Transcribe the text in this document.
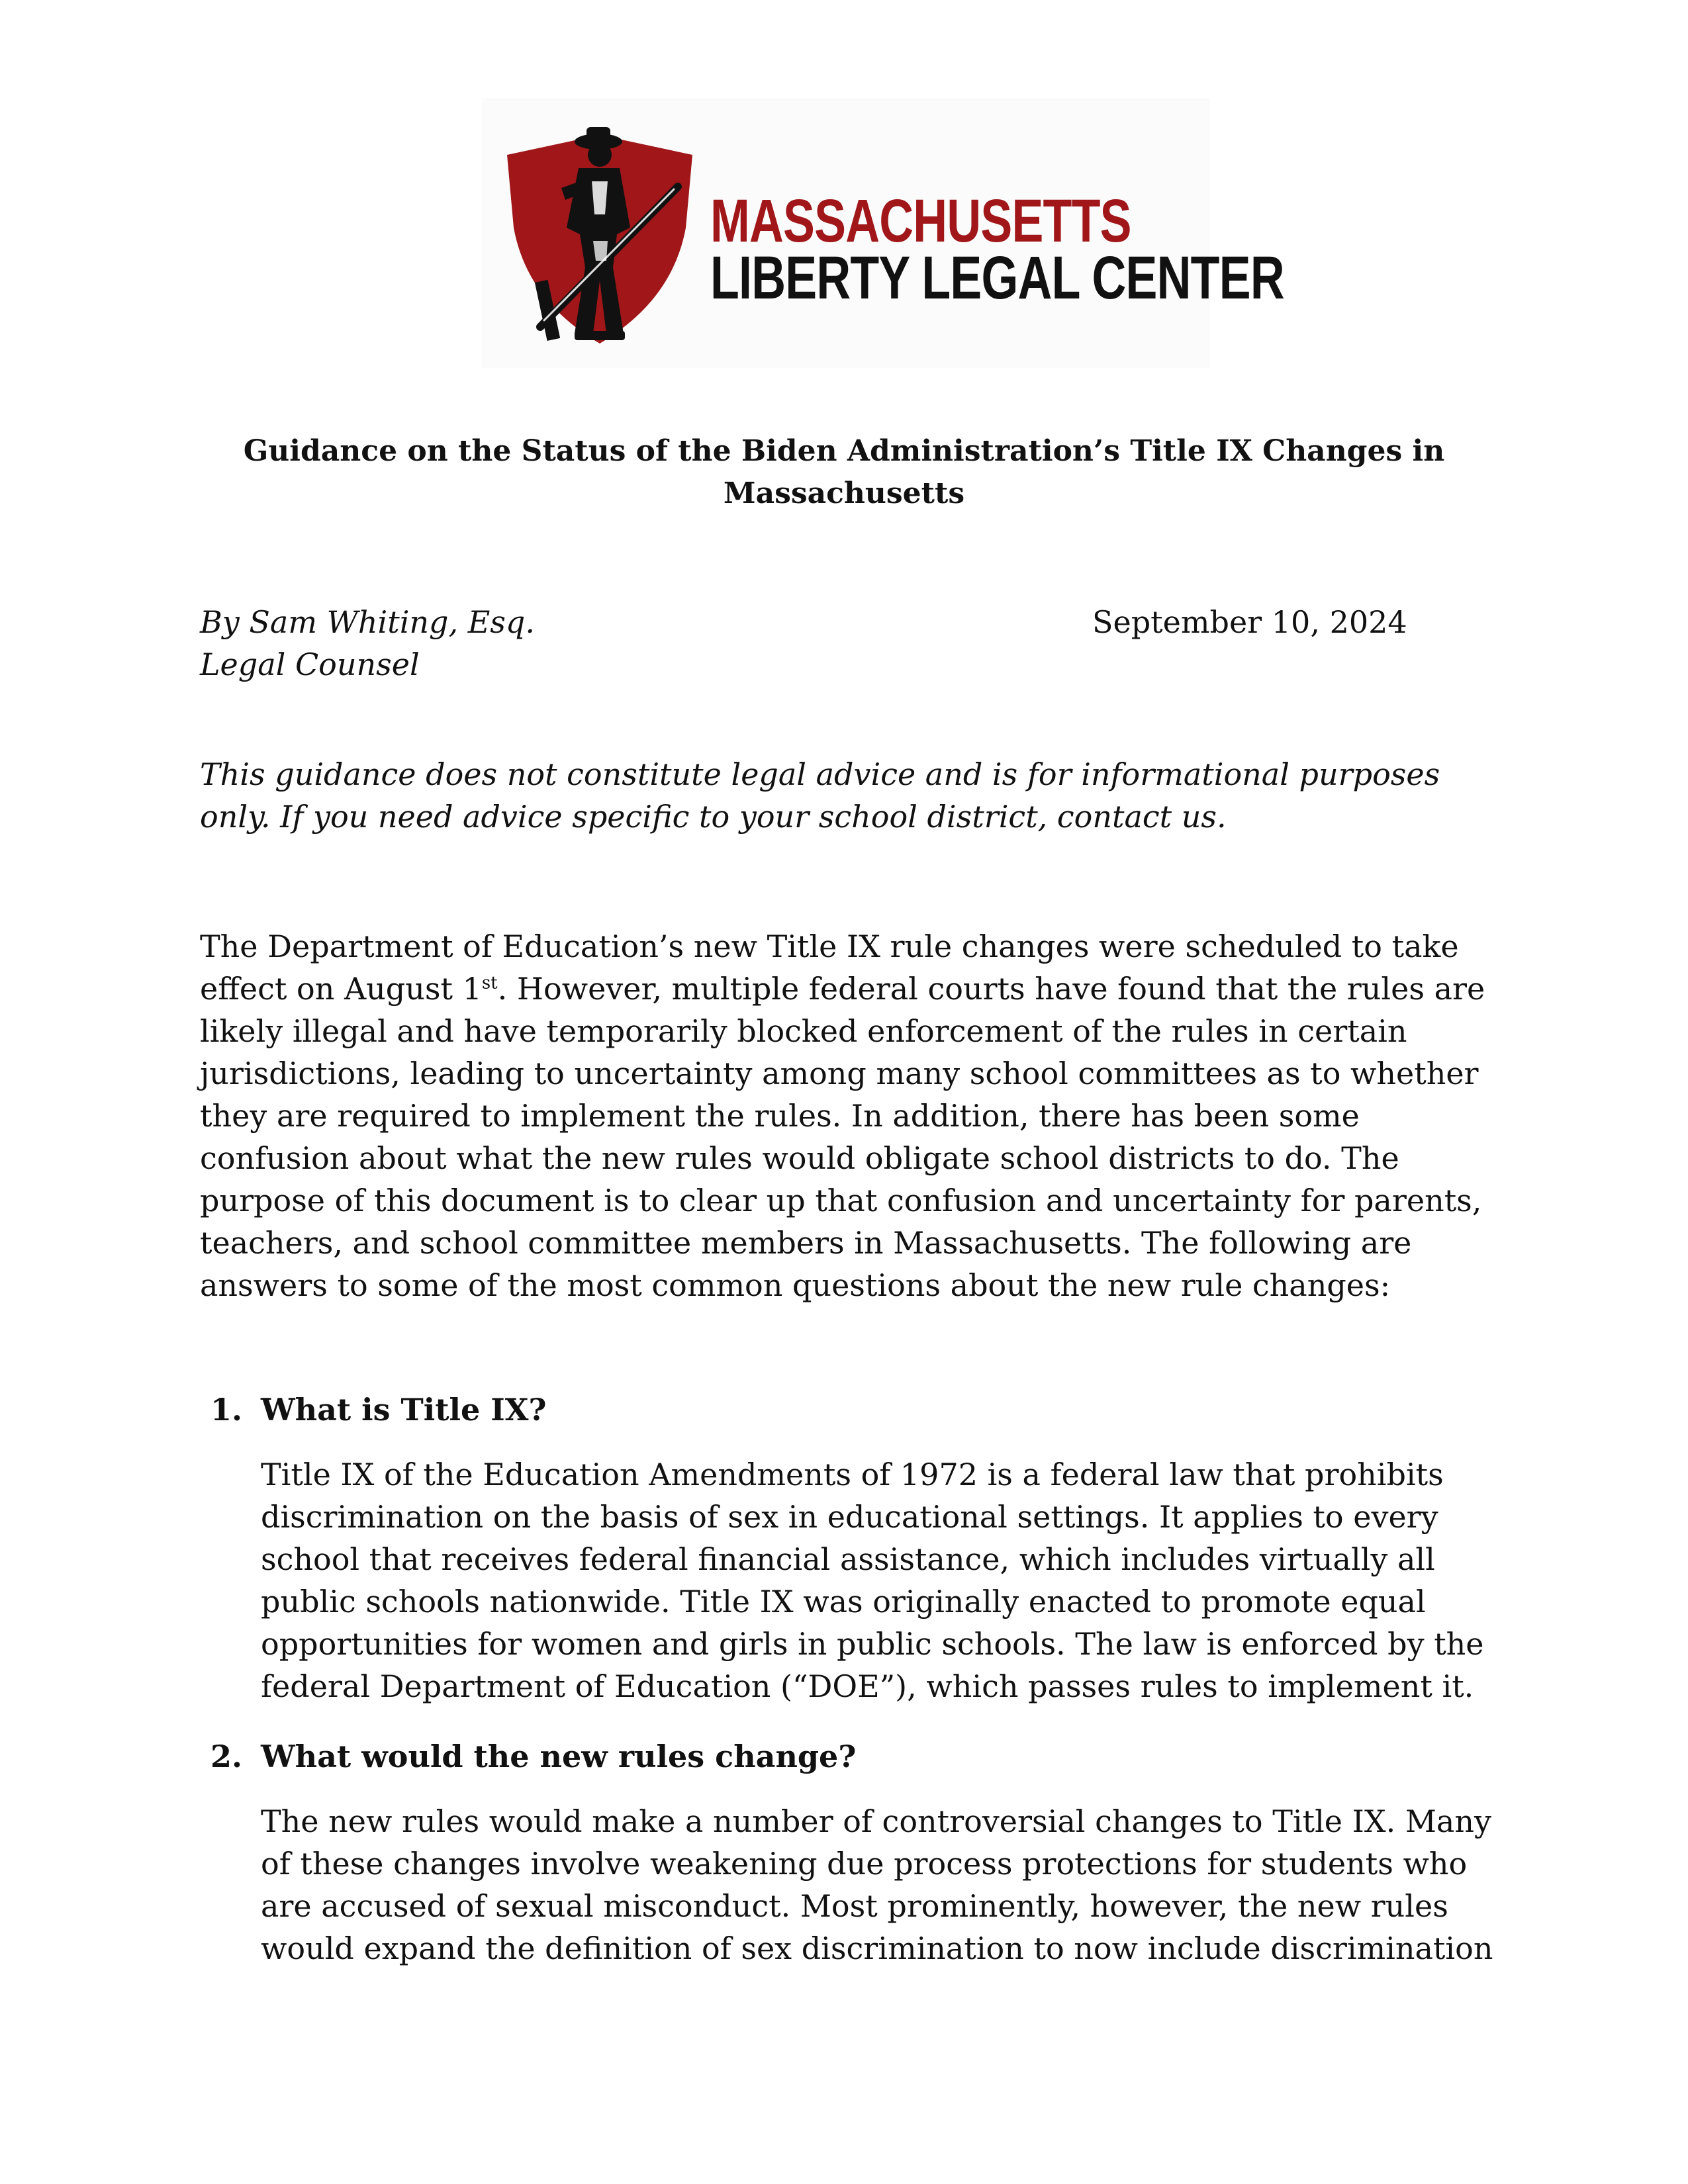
MASSACHUSETTS
LIBERTY LEGAL CENTER
Guidance on the Status of the Biden Administration’s Title IX Changes in
Massachusetts
By Sam Whiting, Esq.
Legal Counsel
September 10, 2024
This guidance does not constitute legal advice and is for informational purposes
only. If you need advice specific to your school district, contact us.
The Department of Education’s new Title IX rule changes were scheduled to take
effect on August 1st. However, multiple federal courts have found that the rules are
likely illegal and have temporarily blocked enforcement of the rules in certain
jurisdictions, leading to uncertainty among many school committees as to whether
they are required to implement the rules. In addition, there has been some
confusion about what the new rules would obligate school districts to do. The
purpose of this document is to clear up that confusion and uncertainty for parents,
teachers, and school committee members in Massachusetts. The following are
answers to some of the most common questions about the new rule changes:
1. What is Title IX?
Title IX of the Education Amendments of 1972 is a federal law that prohibits
discrimination on the basis of sex in educational settings. It applies to every
school that receives federal financial assistance, which includes virtually all
public schools nationwide. Title IX was originally enacted to promote equal
opportunities for women and girls in public schools. The law is enforced by the
federal Department of Education (“DOE”), which passes rules to implement it.
2. What would the new rules change?
The new rules would make a number of controversial changes to Title IX. Many
of these changes involve weakening due process protections for students who
are accused of sexual misconduct. Most prominently, however, the new rules
would expand the definition of sex discrimination to now include discrimination
